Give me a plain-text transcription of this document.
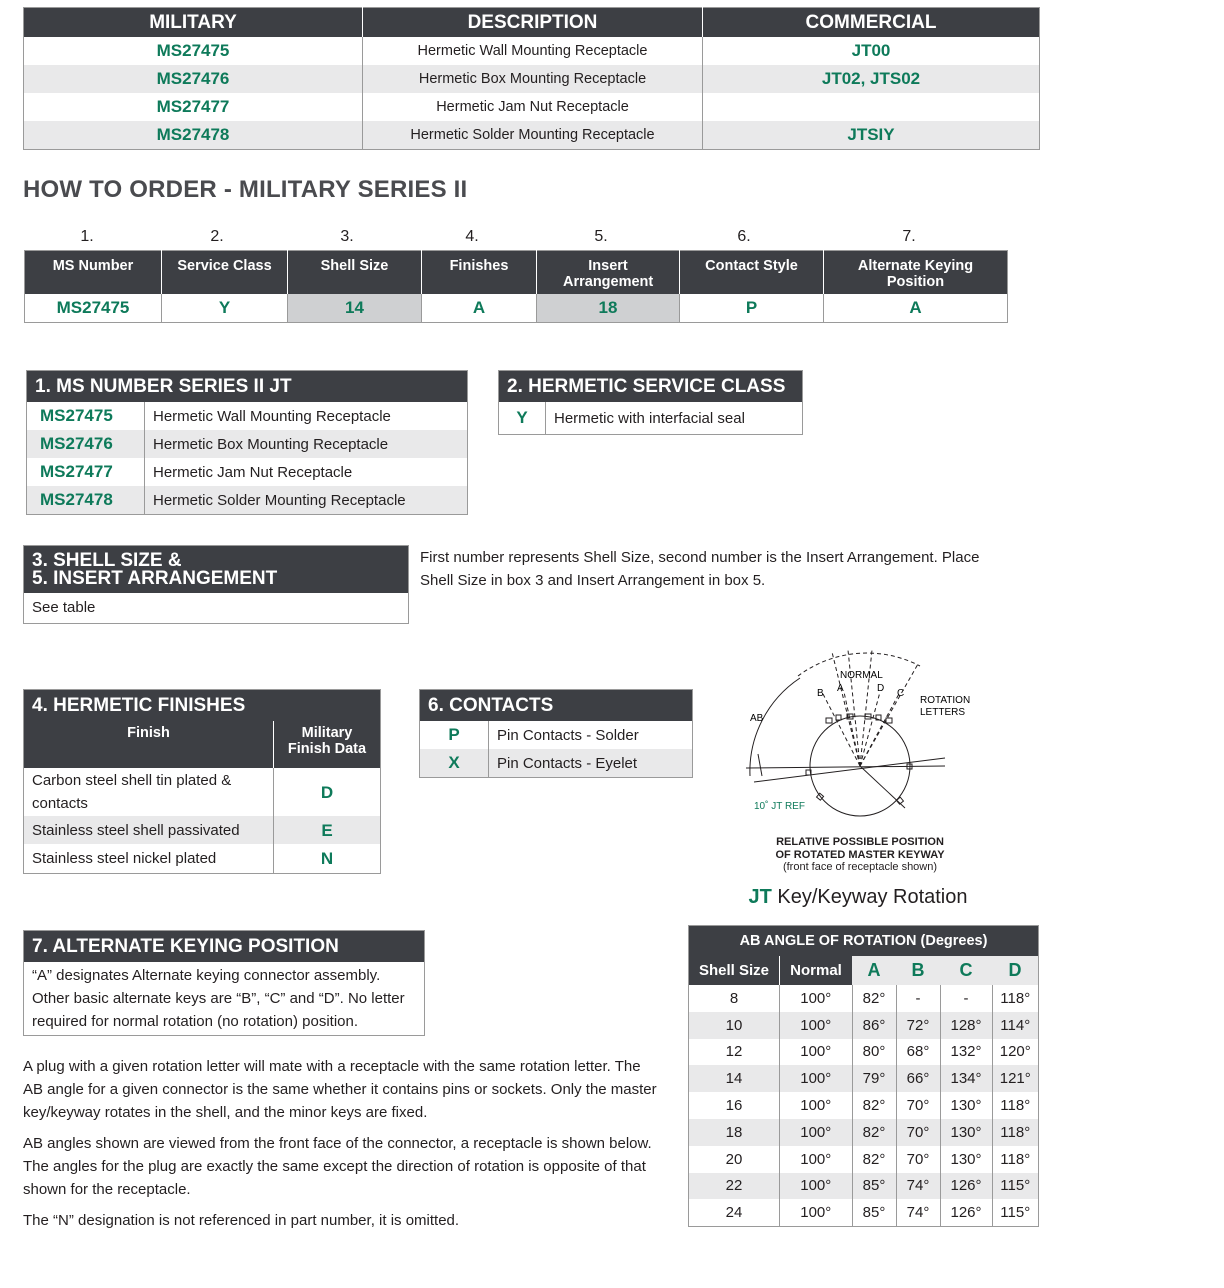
MILITARY	DESCRIPTION	COMMERCIAL
MS27475	Hermetic Wall Mounting Receptacle	JT00
MS27476	Hermetic Box Mounting Receptacle	JT02, JTS02
MS27477	Hermetic Jam Nut Receptacle	
MS27478	Hermetic Solder Mounting Receptacle	JTSIY
HOW TO ORDER - MILITARY SERIES II
1.	2.	3.	4.	5.	6.	7.
MS Number	Service Class	Shell Size	Finishes	Insert Arrangement	Contact Style	Alternate Keying Position

MS27475	Y	14	A	18	P	A
1. MS NUMBER SERIES II JT
MS27475	Hermetic Wall Mounting Receptacle
MS27476	Hermetic Box Mounting Receptacle
MS27477	Hermetic Jam Nut Receptacle
MS27478	Hermetic Solder Mounting Receptacle
2. HERMETIC SERVICE CLASS
Y	Hermetic with interfacial seal
3. SHELL SIZE &
5. INSERT ARRANGEMENT
See table
First number represents Shell Size, second number is the Insert Arrangement. Place Shell Size in box 3 and Insert Arrangement in box 5.
4. HERMETIC FINISHES
Finish	Military Finish Data

Carbon steel shell tin plated & contacts	D
Stainless steel shell passivated	E
Stainless steel nickel plated	N
6. CONTACTS
P	Pin Contacts - Solder
X	Pin Contacts - Eyelet
7. ALTERNATE KEYING POSITION
“A” designates Alternate keying connector assembly. Other basic alternate keys are “B”, “C” and “D”. No letter required for normal rotation (no rotation) position.
A plug with a given rotation letter will mate with a receptacle with the same rotation letter. The AB angle for a given connector is the same whether it contains pins or sockets. Only the master key/keyway rotates in the shell, and the minor keys are fixed.
AB angles shown are viewed from the front face of the connector, a receptacle is shown below. The angles for the plug are exactly the same except the direction of rotation is opposite of that shown for the receptacle.
The “N” designation is not referenced in part number, it is omitted.
NORMAL
B A	D C
AB
ROTATION
LETTERS
10˚ JT REF
RELATIVE POSSIBLE POSITION
OF ROTATED MASTER KEYWAY
(front face of receptacle shown)
JT Key/Keyway Rotation
AB ANGLE OF ROTATION (Degrees)					
Shell Size	Normal	A	B	C	D
8	100°	82°	-	-	118°
10	100°	86°	72°	128°	114°
12	100°	80°	68°	132°	120°
14	100°	79°	66°	134°	121°
16	100°	82°	70°	130°	118°
18	100°	82°	70°	130°	118°
20	100°	82°	70°	130°	118°
22	100°	85°	74°	126°	115°
24	100°	85°	74°	126°	115°
